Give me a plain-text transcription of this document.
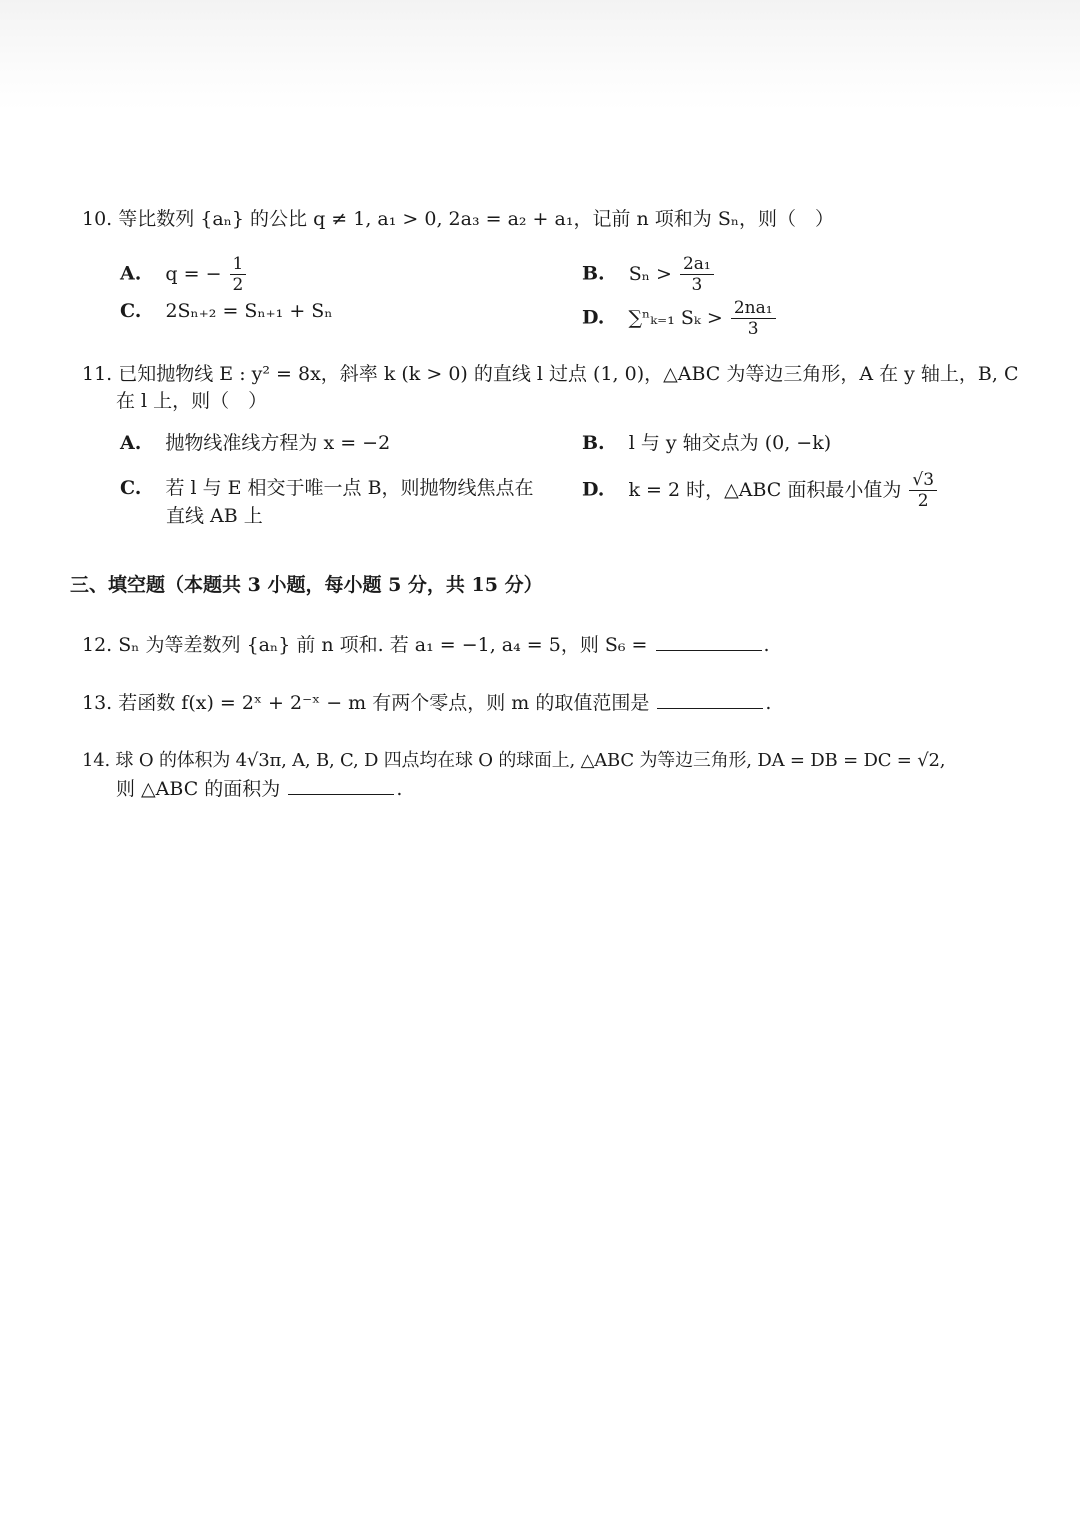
10. 等比数列 {aₙ} 的公比 q ≠ 1, a₁ > 0, 2a₃ = a₂ + a₁，记前 n 项和为 Sₙ，则（　）
A. q = − $\frac{1}{2}$	B. $S_n > \frac{\text{2a₁}}{3}$
C. 2Sₙ₊₂ = Sₙ₊₁ + Sₙ	D. ∑ⁿₖ₌₁ $S_k > \frac{\text{2na₁}}{3}$
11. 已知抛物线 E : y² = 8x，斜率 k (k > 0) 的直线 l 过点 (1, 0)，△ABC 为等边三角形，A 在 y 轴上，B, C
在 l 上，则（　）
A. 抛物线准线方程为 x = −2	B. l 与 y 轴交点为 (0, −k)
C. 若 l 与 E 相交于唯一点 B，则抛物线焦点在
直线 AB 上
D. k = 2 时，△ABC 面积最小值为 $\frac{√3}{2}$
三、填空题（本题共 3 小题，每小题 5 分，共 15 分）
12. Sₙ 为等差数列 {aₙ} 前 n 项和. 若 a₁ = −1, a₄ = 5，则 S₆ =	.
13. 若函数 f(x) = 2ˣ + 2⁻ˣ − m 有两个零点，则 m 的取值范围是	.
14. 球 O 的体积为 4√3π, A, B, C, D 四点均在球 O 的球面上, △ABC 为等边三角形, DA = DB = DC = √2,
则 △ABC 的面积为	.
